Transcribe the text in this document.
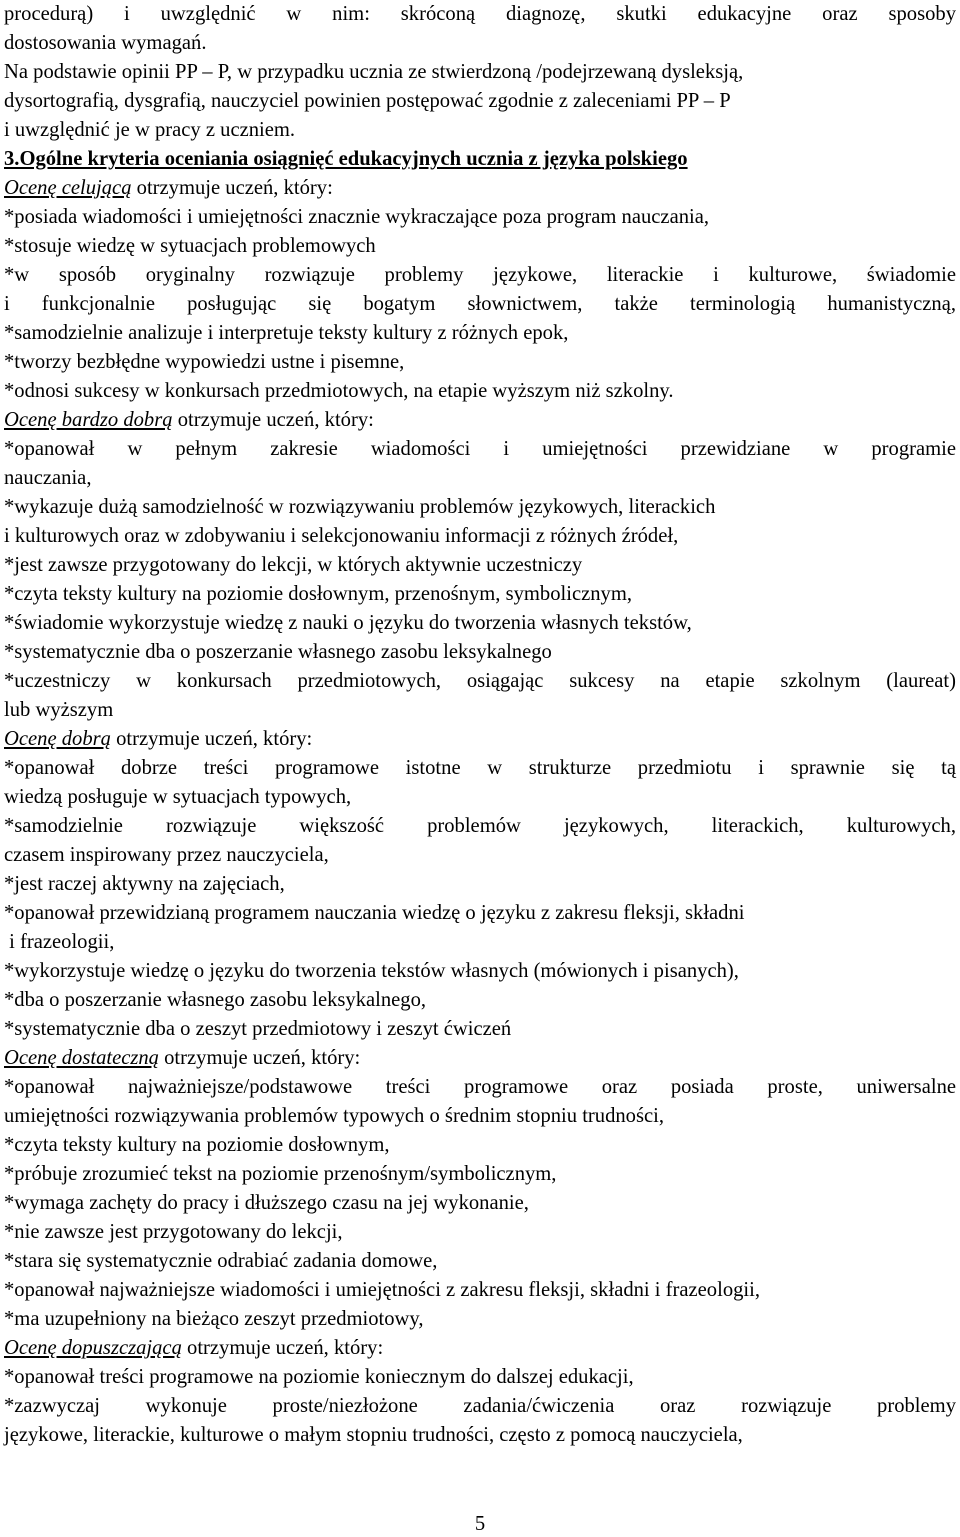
procedurą) i uwzględnić w nim: skróconą diagnozę, skutki edukacyjne oraz sposoby
dostosowania wymagań.
Na podstawie opinii PP – P, w przypadku ucznia ze stwierdzoną /podejrzewaną dysleksją,
dysortografią, dysgrafią, nauczyciel powinien postępować zgodnie z zaleceniami PP – P
i uwzględnić je w pracy z uczniem.
3.Ogólne kryteria oceniania osiągnięć edukacyjnych ucznia z języka polskiego
Ocenę celującą otrzymuje uczeń, który:
*posiada wiadomości i umiejętności znacznie wykraczające poza program nauczania,
*stosuje wiedzę w sytuacjach problemowych
*w sposób oryginalny rozwiązuje problemy językowe, literackie i kulturowe, świadomie
i funkcjonalnie posługując się bogatym słownictwem, także terminologią humanistyczną,
*samodzielnie analizuje i interpretuje teksty kultury z różnych epok,
*tworzy bezbłędne wypowiedzi ustne i pisemne,
*odnosi sukcesy w konkursach przedmiotowych, na etapie wyższym niż szkolny.
Ocenę bardzo dobrą otrzymuje uczeń, który:
*opanował w pełnym zakresie wiadomości i umiejętności przewidziane w programie
nauczania,
*wykazuje dużą samodzielność w rozwiązywaniu problemów językowych, literackich
i kulturowych oraz w zdobywaniu i selekcjonowaniu informacji z różnych źródeł,
*jest zawsze przygotowany do lekcji, w których aktywnie uczestniczy
*czyta teksty kultury na poziomie dosłownym, przenośnym, symbolicznym,
*świadomie wykorzystuje wiedzę z nauki o języku do tworzenia własnych tekstów,
*systematycznie dba o poszerzanie własnego zasobu leksykalnego
*uczestniczy w konkursach przedmiotowych, osiągając sukcesy na etapie szkolnym (laureat)
lub wyższym
Ocenę dobrą otrzymuje uczeń, który:
*opanował dobrze treści programowe istotne w strukturze przedmiotu i sprawnie się tą
wiedzą posługuje w sytuacjach typowych,
*samodzielnie rozwiązuje większość problemów językowych, literackich, kulturowych,
czasem inspirowany przez nauczyciela,
*jest raczej aktywny na zajęciach,
*opanował przewidzianą programem nauczania wiedzę o języku z zakresu fleksji, składni
i frazeologii,
*wykorzystuje wiedzę o języku do tworzenia tekstów własnych (mówionych i pisanych),
*dba o poszerzanie własnego zasobu leksykalnego,
*systematycznie dba o zeszyt przedmiotowy i zeszyt ćwiczeń
Ocenę dostateczną otrzymuje uczeń, który:
*opanował najważniejsze/podstawowe treści programowe oraz posiada proste, uniwersalne
umiejętności rozwiązywania problemów typowych o średnim stopniu trudności,
*czyta teksty kultury na poziomie dosłownym,
*próbuje zrozumieć tekst na poziomie przenośnym/symbolicznym,
*wymaga zachęty do pracy i dłuższego czasu na jej wykonanie,
*nie zawsze jest przygotowany do lekcji,
*stara się systematycznie odrabiać zadania domowe,
*opanował najważniejsze wiadomości i umiejętności z zakresu fleksji, składni i frazeologii,
*ma uzupełniony na bieżąco zeszyt przedmiotowy,
Ocenę dopuszczającą otrzymuje uczeń, który:
*opanował treści programowe na poziomie koniecznym do dalszej edukacji,
*zazwyczaj wykonuje proste/niezłożone zadania/ćwiczenia oraz rozwiązuje problemy
językowe, literackie, kulturowe o małym stopniu trudności, często z pomocą nauczyciela,
5
